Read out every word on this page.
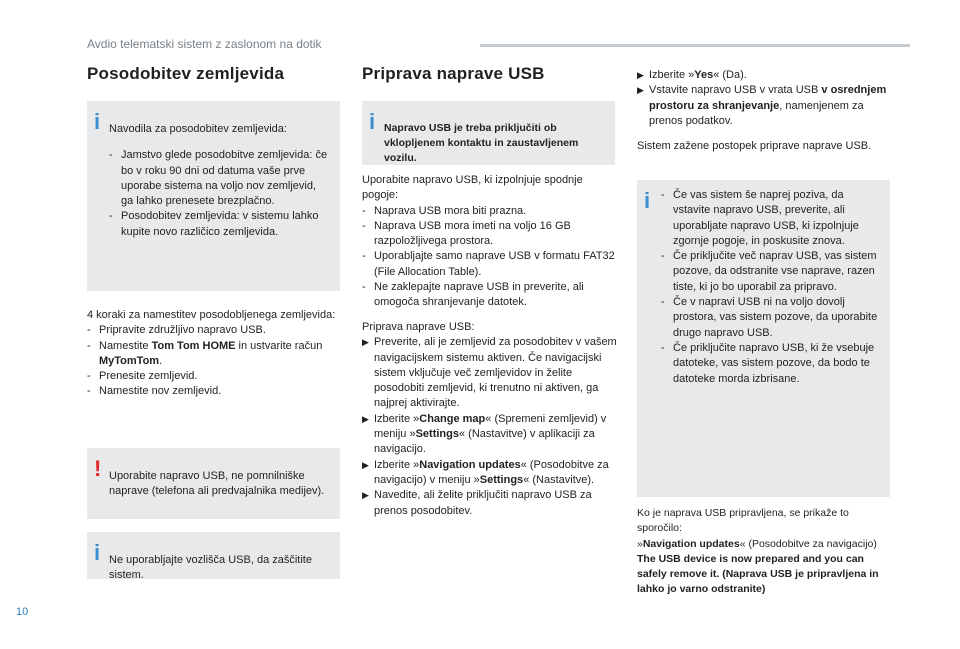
Avdio telematski sistem z zaslonom na dotik
Posodobitev zemljevida
i Navodila za posodobitev zemljevida:

- Jamstvo glede posodobitve zemljevida: če bo v roku 90 dni od datuma vaše prve uporabe sistema na voljo nov zemljevid, ga lahko prenesete brezplačno.
- Posodobitev zemljevida: v sistemu lahko kupite novo različico zemljevida.

4 koraki za namestitev posodobljenega zemljevida:

- Pripravite združljivo napravo USB.
- Namestite Tom Tom HOME in ustvarite račun MyTomTom.
- Prenesite zemljevid.
- Namestite nov zemljevid.
! Uporabite napravo USB, ne pomnilniške naprave (telefona ali predvajalnika medijev).

i Ne uporabljajte vozlišča USB, da zaščitite sistem.

Priprava naprave USB
i Napravo USB je treba priključiti ob vklopljenem kontaktu in zaustavljenem vozilu.

Uporabite napravo USB, ki izpolnjuje spodnje pogoje:

- Naprava USB mora biti prazna.
- Naprava USB mora imeti na voljo 16 GB razpoložljivega prostora.
- Uporabljajte samo naprave USB v formatu FAT32 (File Allocation Table).
- Ne zaklepajte naprave USB in preverite, ali omogoča shranjevanje datotek.

Priprava naprave USB:

▶ Preverite, ali je zemljevid za posodobitev v vašem navigacijskem sistemu aktiven. Če navigacijski sistem vključuje več zemljevidov in želite posodobiti zemljevid, ki trenutno ni aktiven, ga najprej aktivirajte.
▶ Izberite »Change map« (Spremeni zemljevid) v meniju »Settings« (Nastavitve) v aplikaciji za navigacijo.
▶ Izberite »Navigation updates« (Posodobitve za navigacijo) v meniju »Settings« (Nastavitve).
▶ Navedite, ali želite priključiti napravo USB za prenos posodobitev.
▶ Izberite »Yes« (Da).
▶ Vstavite napravo USB v vrata USB v osrednjem prostoru za shranjevanje, namenjenem za prenos podatkov.

Sistem zažene postopek priprave naprave USB.

i - Če vas sistem še naprej poziva, da vstavite napravo USB, preverite, ali uporabljate napravo USB, ki izpolnjuje zgornje pogoje, in poskusite znova.
- Če priključite več naprav USB, vas sistem pozove, da odstranite vse naprave, razen tiste, ki jo bo uporabil za pripravo.
- Če v napravi USB ni na voljo dovolj prostora, vas sistem pozove, da uporabite drugo napravo USB.
- Če priključite napravo USB, ki že vsebuje datoteke, vas sistem pozove, da bodo te datoteke morda izbrisane.

Ko je naprava USB pripravljena, se prikaže to sporočilo:

»Navigation updates« (Posodobitve za navigacijo)

The USB device is now prepared and you can safely remove it. (Naprava USB je pripravljena in lahko jo varno odstranite)

10
